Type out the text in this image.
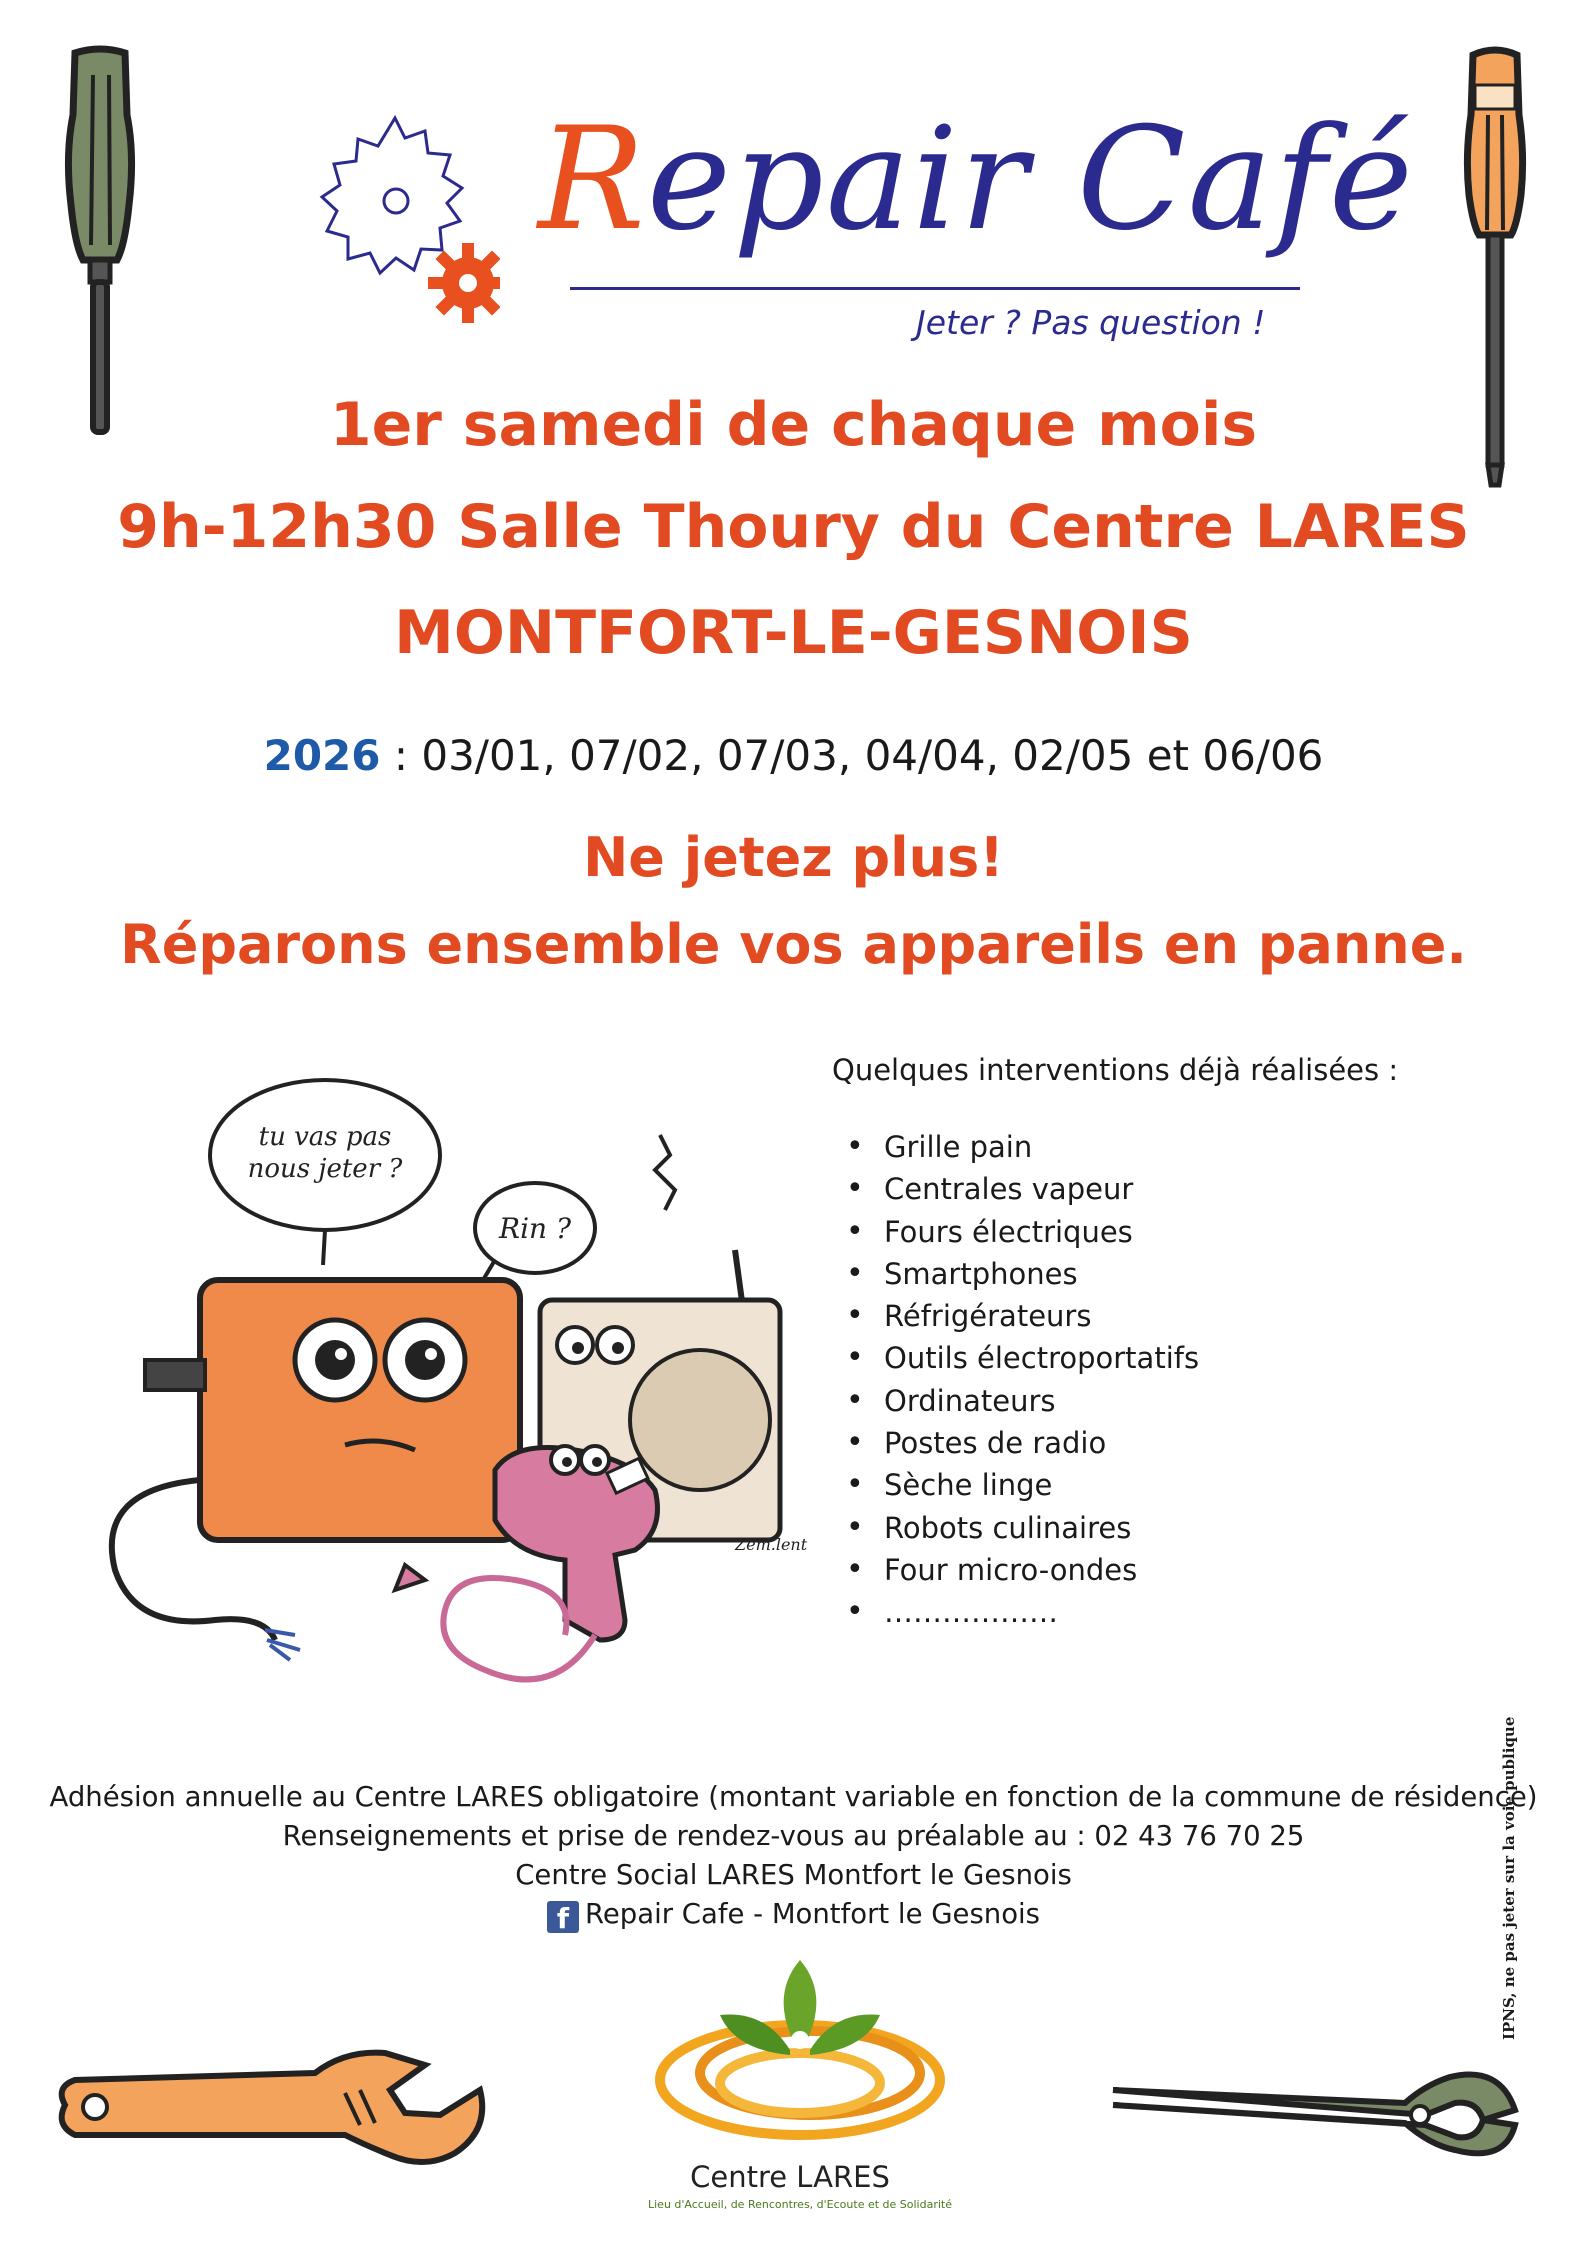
Repair Café
Jeter ? Pas question !
1er samedi de chaque mois
9h-12h30 Salle Thoury du Centre LARES
MONTFORT-LE-GESNOIS
2026 : 03/01, 07/02, 07/03, 04/04, 02/05 et 06/06
Ne jetez plus!
Réparons ensemble vos appareils en panne.
tu vas pas nous jeter ?
Rin ?
Zem.lent
Quelques interventions déjà réalisées :
• Grille pain
• Centrales vapeur
• Fours électriques
• Smartphones
• Réfrigérateurs
• Outils électroportatifs
• Ordinateurs
• Postes de radio
• Sèche linge
• Robots culinaires
• Four micro-ondes
• ………………
IPNS, ne pas jeter sur la voie publique
Adhésion annuelle au Centre LARES obligatoire (montant variable en fonction de la commune de résidence)
Renseignements et prise de rendez-vous au préalable au : 02 43 76 70 25
Centre Social LARES Montfort le Gesnois
f Repair Cafe - Montfort le Gesnois
Centre LARES
Lieu d'Accueil, de Rencontres, d'Ecoute et de Solidarité
